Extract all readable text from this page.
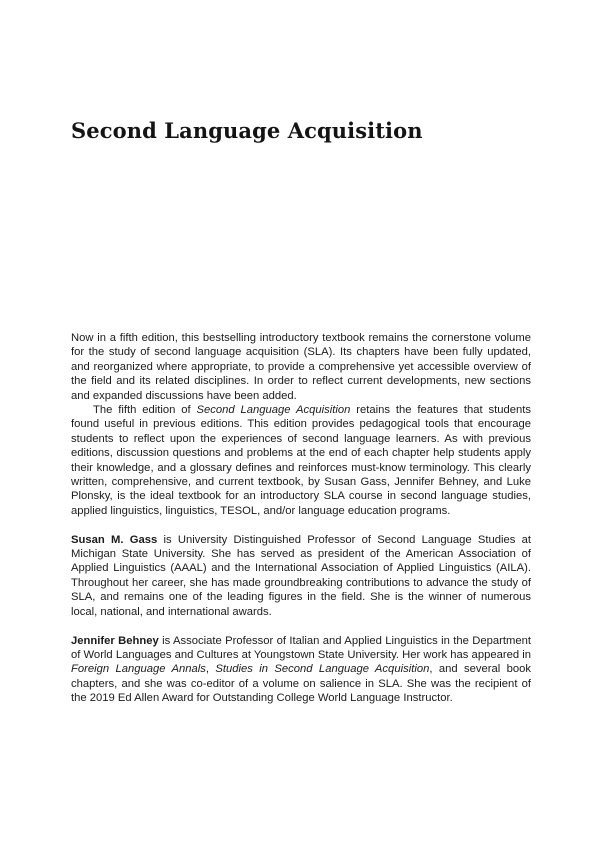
Second Language Acquisition

Now in a fifth edition, this bestselling introductory textbook remains the cornerstone volume for the study of second language acquisition (SLA). Its chapters have been fully updated, and reorganized where appropriate, to provide a comprehensive yet accessible overview of the field and its related disciplines. In order to reflect current developments, new sections and expanded discussions have been added.

The fifth edition of Second Language Acquisition retains the features that students found useful in previous editions. This edition provides pedagogical tools that encourage students to reflect upon the experiences of second language learners. As with previous editions, discussion questions and problems at the end of each chapter help students apply their knowledge, and a glossary defines and reinforces must-know terminology. This clearly written, comprehensive, and current textbook, by Susan Gass, Jennifer Behney, and Luke Plonsky, is the ideal textbook for an introductory SLA course in second language studies, applied linguistics, linguistics, TESOL, and/or language education programs.

Susan M. Gass is University Distinguished Professor of Second Language Studies at Michigan State University. She has served as president of the American Association of Applied Linguistics (AAAL) and the International Association of Applied Linguistics (AILA). Throughout her career, she has made groundbreaking contributions to advance the study of SLA, and remains one of the leading figures in the field. She is the winner of numerous local, national, and international awards.

Jennifer Behney is Associate Professor of Italian and Applied Linguistics in the Department of World Languages and Cultures at Youngstown State University. Her work has appeared in Foreign Language Annals, Studies in Second Language Acquisition, and several book chapters, and she was co-editor of a volume on salience in SLA. She was the recipient of the 2019 Ed Allen Award for Outstanding College World Language Instructor.
